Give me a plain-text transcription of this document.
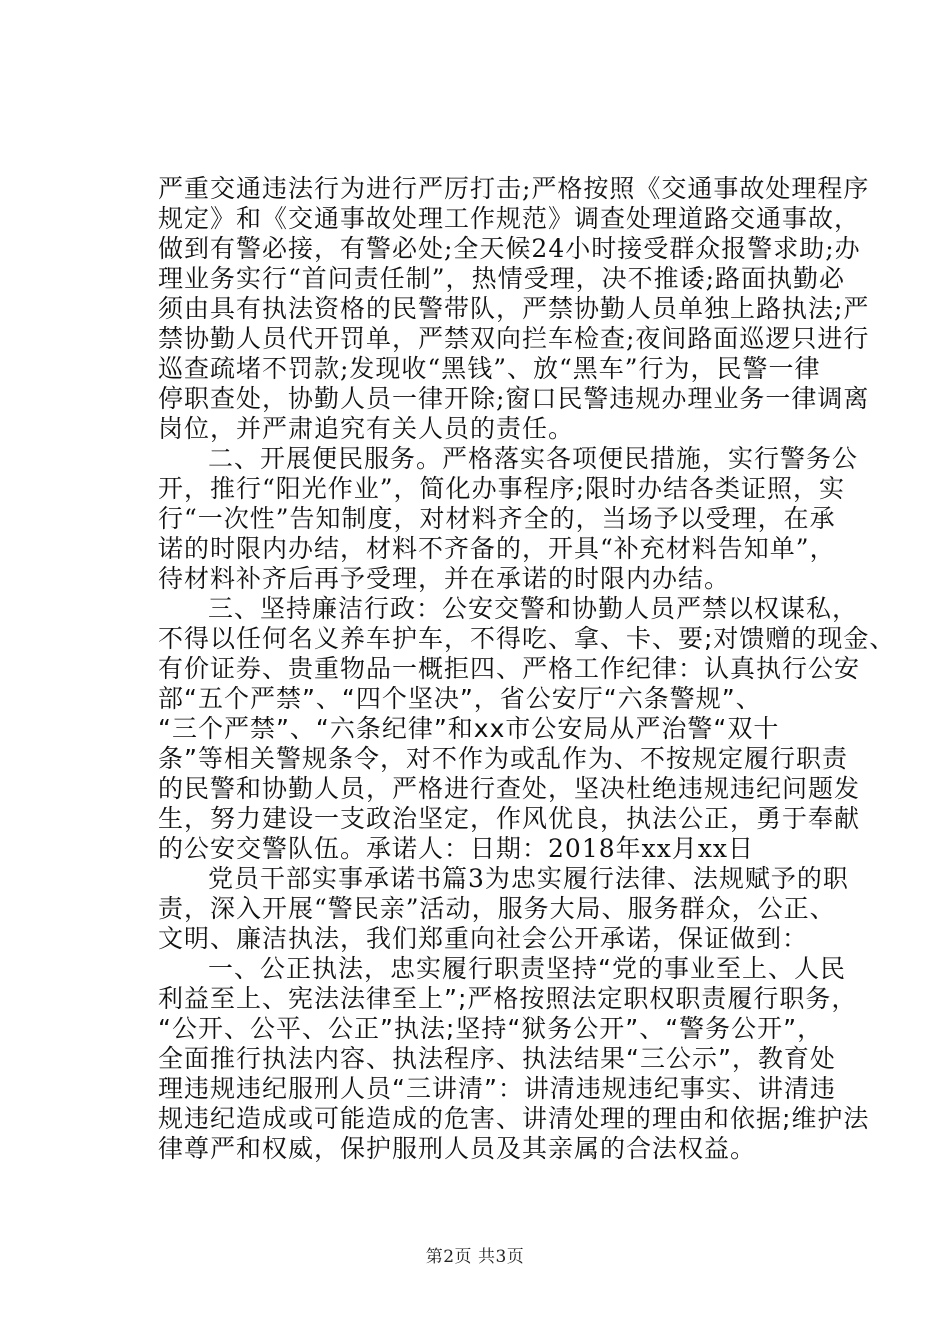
严重交通违法行为进行严厉打击;严格按照《交通事故处理程序
规定》和《交通事故处理工作规范》调查处理道路交通事故，
做到有警必接，有警必处;全天候24小时接受群众报警求助;办
理业务实行“首问责任制”，热情受理，决不推诿;路面执勤必
须由具有执法资格的民警带队，严禁协勤人员单独上路执法;严
禁协勤人员代开罚单，严禁双向拦车检查;夜间路面巡逻只进行
巡查疏堵不罚款;发现收“黑钱”、放“黑车”行为，民警一律
停职查处，协勤人员一律开除;窗口民警违规办理业务一律调离
岗位，并严肃追究有关人员的责任。
二、开展便民服务。严格落实各项便民措施，实行警务公
开，推行“阳光作业”，简化办事程序;限时办结各类证照，实
行“一次性”告知制度，对材料齐全的，当场予以受理，在承
诺的时限内办结，材料不齐备的，开具“补充材料告知单”，
待材料补齐后再予受理，并在承诺的时限内办结。
三、坚持廉洁行政：公安交警和协勤人员严禁以权谋私，
不得以任何名义养车护车，不得吃、拿、卡、要;对馈赠的现金、
有价证券、贵重物品一概拒四、严格工作纪律：认真执行公安
部“五个严禁”、“四个坚决”，省公安厅“六条警规”、
“三个严禁”、“六条纪律”和xx市公安局从严治警“双十
条”等相关警规条令，对不作为或乱作为、不按规定履行职责
的民警和协勤人员，严格进行查处，坚决杜绝违规违纪问题发
生，努力建设一支政治坚定，作风优良，执法公正，勇于奉献
的公安交警队伍。承诺人：日期：2018年xx月xx日
党员干部实事承诺书篇3为忠实履行法律、法规赋予的职
责，深入开展“警民亲”活动，服务大局、服务群众，公正、
文明、廉洁执法，我们郑重向社会公开承诺，保证做到：
一、公正执法，忠实履行职责坚持“党的事业至上、人民
利益至上、宪法法律至上”;严格按照法定职权职责履行职务，
“公开、公平、公正”执法;坚持“狱务公开”、“警务公开”，
全面推行执法内容、执法程序、执法结果“三公示”，教育处
理违规违纪服刑人员“三讲清”：讲清违规违纪事实、讲清违
规违纪造成或可能造成的危害、讲清处理的理由和依据;维护法
律尊严和权威，保护服刑人员及其亲属的合法权益。
第2页 共3页
